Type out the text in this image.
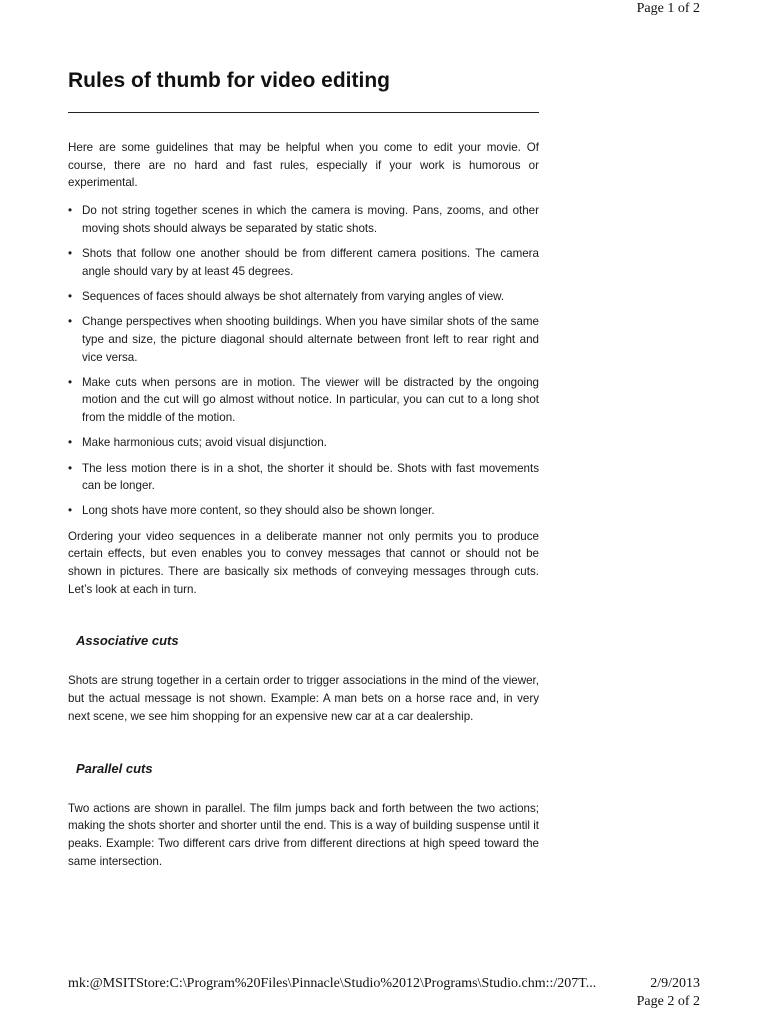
Page 1 of 2
Rules of thumb for video editing

Here are some guidelines that may be helpful when you come to edit your movie. Of course, there are no hard and fast rules, especially if your work is humorous or experimental.

• Do not string together scenes in which the camera is moving. Pans, zooms, and other moving shots should always be separated by static shots.
• Shots that follow one another should be from different camera positions. The camera angle should vary by at least 45 degrees.
• Sequences of faces should always be shot alternately from varying angles of view.
• Change perspectives when shooting buildings. When you have similar shots of the same type and size, the picture diagonal should alternate between front left to rear right and vice versa.
• Make cuts when persons are in motion. The viewer will be distracted by the ongoing motion and the cut will go almost without notice. In particular, you can cut to a long shot from the middle of the motion.
• Make harmonious cuts; avoid visual disjunction.
• The less motion there is in a shot, the shorter it should be. Shots with fast movements can be longer.
• Long shots have more content, so they should also be shown longer.

Ordering your video sequences in a deliberate manner not only permits you to produce certain effects, but even enables you to convey messages that cannot or should not be shown in pictures. There are basically six methods of conveying messages through cuts. Let’s look at each in turn.

Associative cuts

Shots are strung together in a certain order to trigger associations in the mind of the viewer, but the actual message is not shown. Example: A man bets on a horse race and, in very next scene, we see him shopping for an expensive new car at a car dealership.

Parallel cuts

Two actions are shown in parallel. The film jumps back and forth between the two actions; making the shots shorter and shorter until the end. This is a way of building suspense until it peaks. Example: Two different cars drive from different directions at high speed toward the same intersection.

mk:@MSITStore:C:\Program%20Files\Pinnacle\Studio%2012\Programs\Studio.chm::/207T...	2/9/2013
Page 2 of 2
